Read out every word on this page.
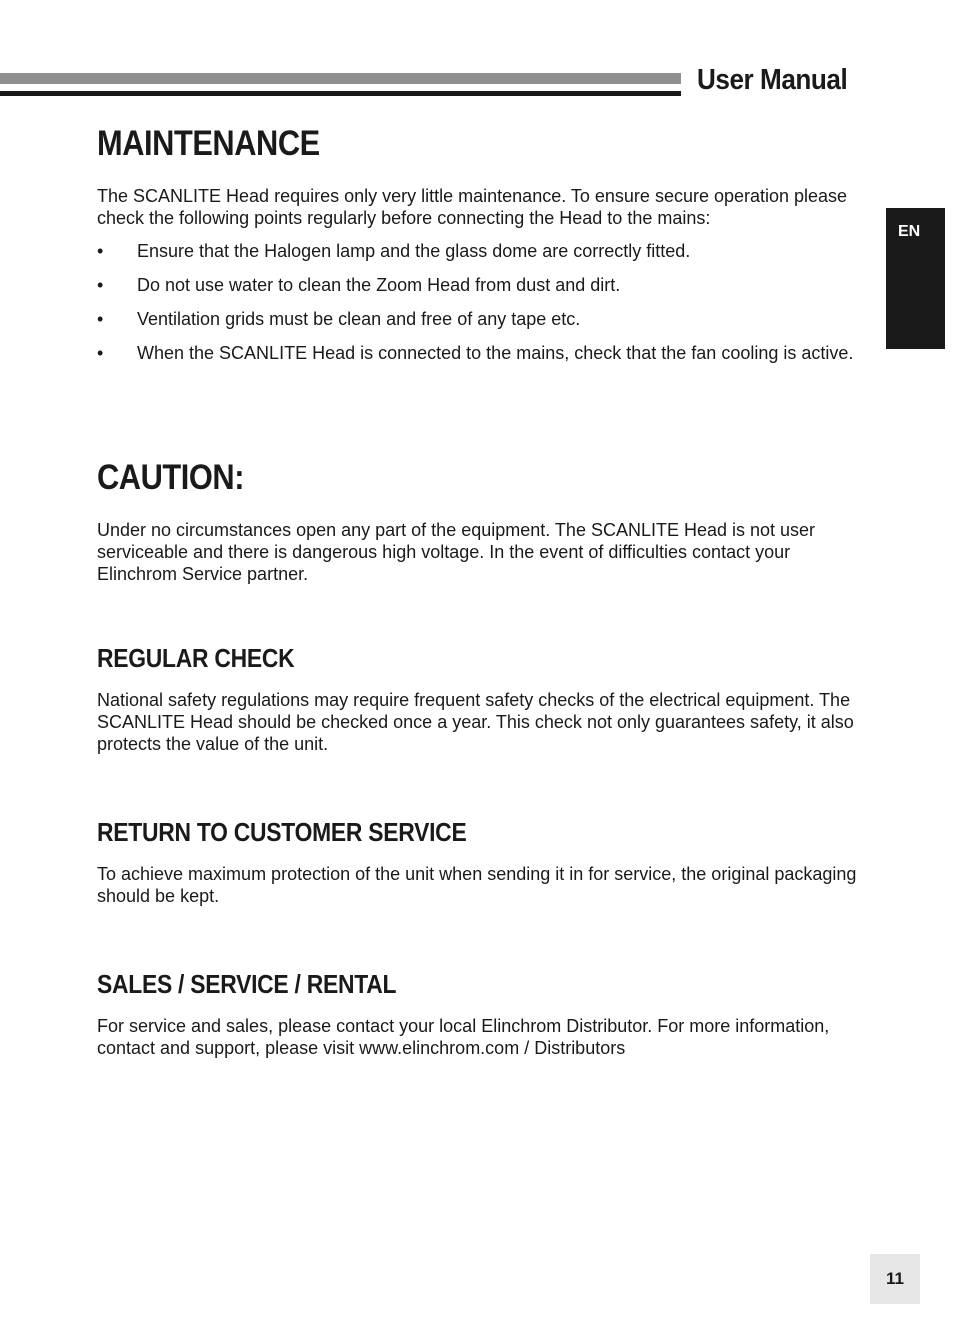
User Manual
EN
MAINTENANCE

The SCANLITE Head requires only very little maintenance. To ensure secure operation please check the following points regularly before connecting the Head to the mains:

• Ensure that the Halogen lamp and the glass dome are correctly fitted.
• Do not use water to clean the Zoom Head from dust and dirt.
• Ventilation grids must be clean and free of any tape etc.
• When the SCANLITE Head is connected to the mains, check that the fan cooling is active.
CAUTION:

Under no circumstances open any part of the equipment. The SCANLITE Head is not user serviceable and there is dangerous high voltage. In the event of difficulties contact your Elinchrom Service partner.

REGULAR CHECK

National safety regulations may require frequent safety checks of the electrical equipment. The SCANLITE Head should be checked once a year. This check not only guarantees safety, it also protects the value of the unit.

RETURN TO CUSTOMER SERVICE

To achieve maximum protection of the unit when sending it in for service, the original packaging should be kept.

SALES / SERVICE / RENTAL

For service and sales, please contact your local Elinchrom Distributor. For more information, contact and support, please visit www.elinchrom.com / Distributors

11
